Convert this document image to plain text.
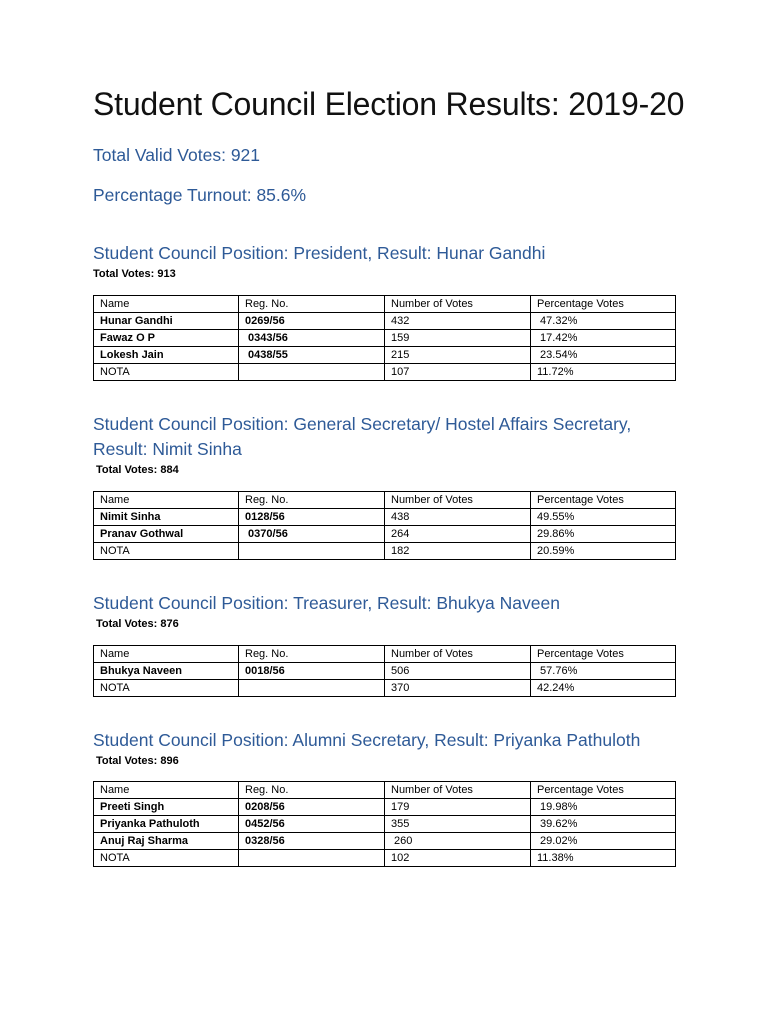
Student Council Election Results: 2019-20

Total Valid Votes: 921

Percentage Turnout: 85.6%

Student Council Position: President, Result: Hunar Gandhi

Total Votes: 913

Name	Reg. No.	Number of Votes	Percentage Votes
Hunar Gandhi	0269/56	432	47.32%
Fawaz O P	0343/56	159	17.42%
Lokesh Jain	0438/55	215	23.54%
NOTA		107	11.72%
Student Council Position: General Secretary/ Hostel Affairs Secretary, Result: Nimit Sinha

Total Votes: 884

Name	Reg. No.	Number of Votes	Percentage Votes
Nimit Sinha	0128/56	438	49.55%
Pranav Gothwal	0370/56	264	29.86%
NOTA		182	20.59%
Student Council Position: Treasurer, Result: Bhukya Naveen

Total Votes: 876

Name	Reg. No.	Number of Votes	Percentage Votes
Bhukya Naveen	0018/56	506	57.76%
NOTA		370	42.24%
Student Council Position: Alumni Secretary, Result: Priyanka Pathuloth

Total Votes: 896

Name	Reg. No.	Number of Votes	Percentage Votes
Preeti Singh	0208/56	179	19.98%
Priyanka Pathuloth	0452/56	355	39.62%
Anuj Raj Sharma	0328/56	260	29.02%
NOTA		102	11.38%
